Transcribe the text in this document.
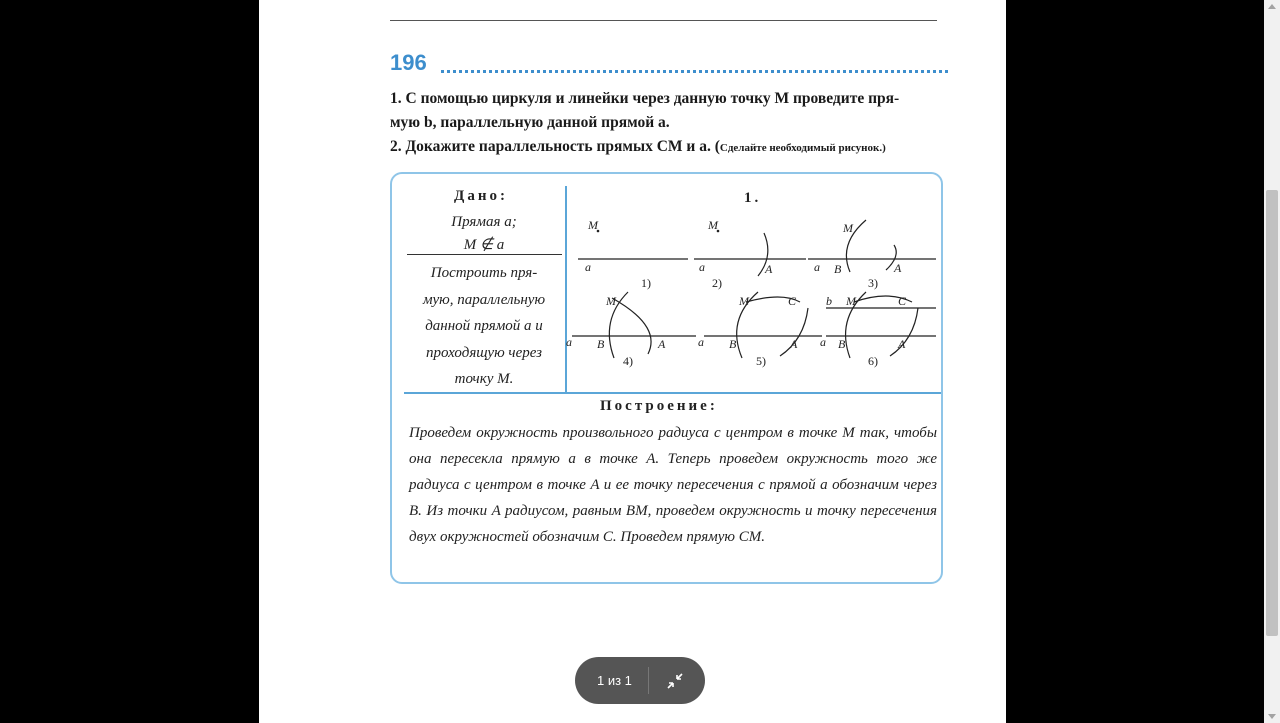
196
1. С помощью циркуля и линейки через данную точку M проведите пря-
мую b, параллельную данной прямой a.
2. Докажите параллельность прямых CM и a. (Сделайте необходимый рисунок.)
Дано:
Прямая a;
M ∉ a
Построить пря-
мую, параллельную
данной прямой a и
проходящую через
точку M.
1.
M
a
1)
M
a	A
2)
M
a B	A
3)
a
M
B	A
4)
a
M	C
B	A
5)
b
a
M	C
B	A
6)
Построение:
Проведем окружность произвольного радиуса с центром в точке M так, чтобы она пересекла прямую a в точке A. Теперь проведем окружность того же радиуса с центром в точке A и ее точку пересечения с прямой a обозначим через B. Из точки A радиусом, равным BM, проведем окружность и точку пересечения двух окружностей обозначим C. Проведем прямую CM.
1 из 1
